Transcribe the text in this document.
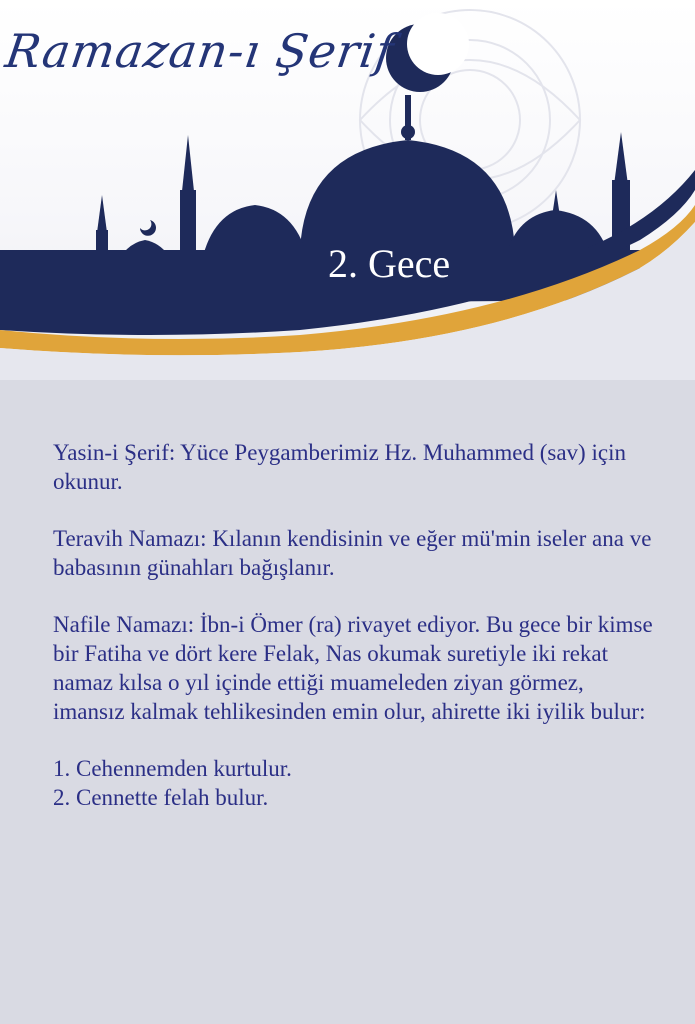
Ramazan-ı Şerif
2. Gece

Yasin-i Şerif: Yüce Peygamberimiz Hz. Muhammed (sav) için okunur.

Teravih Namazı: Kılanın kendisinin ve eğer mü'min iseler ana ve babasının günahları bağışlanır.

Nafile Namazı: İbn-i Ömer (ra) rivayet ediyor. Bu gece bir kimse bir Fatiha ve dört kere Felak, Nas okumak suretiyle iki rekat namaz kılsa o yıl içinde ettiği muameleden ziyan görmez, imansız kalmak tehlikesinden emin olur, ahirette iki iyilik bulur:

1. Cehennemden kurtulur.
2. Cennette felah bulur.
